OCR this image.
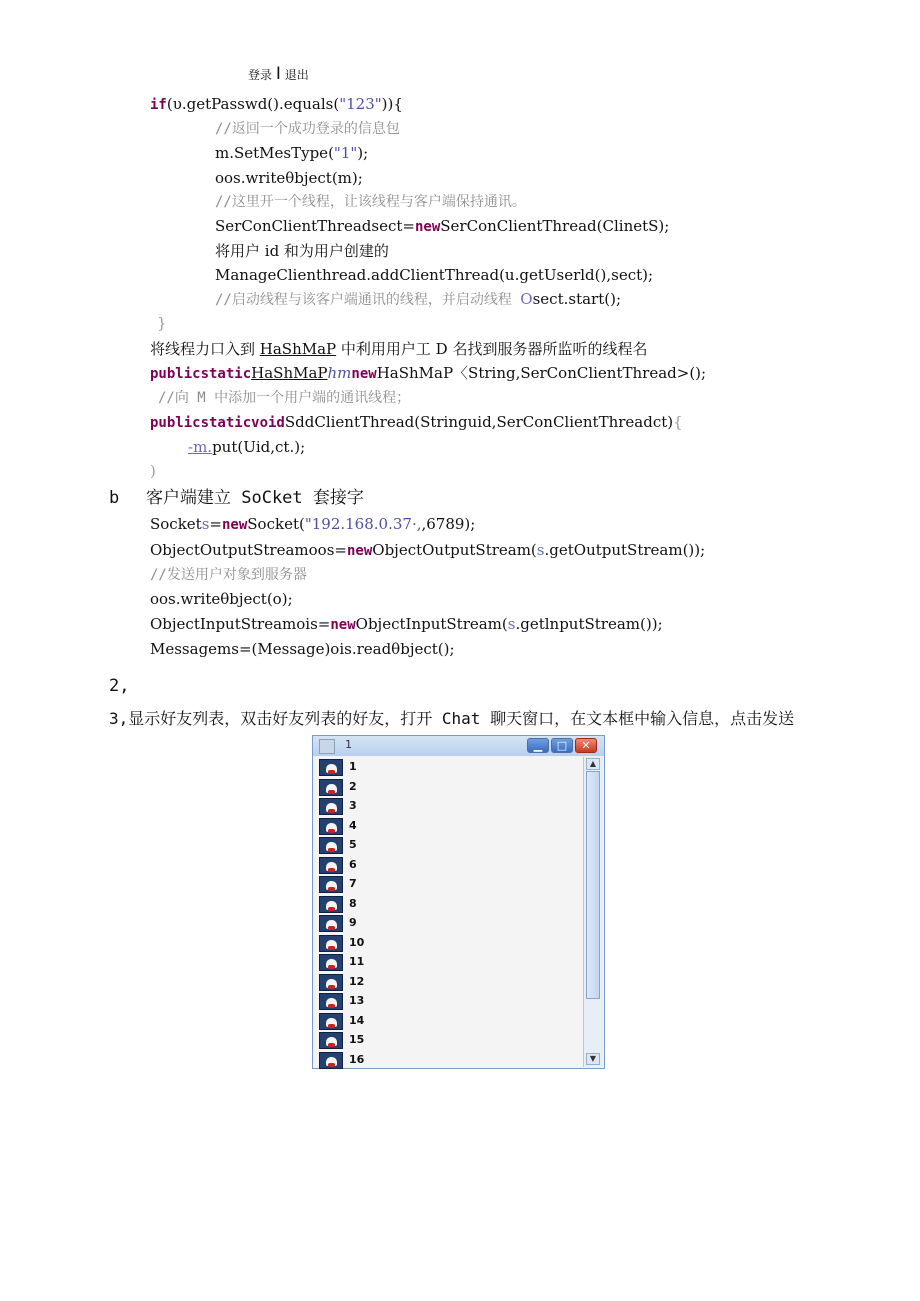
登录 I 退出
if(υ.getPasswd().equals("123")){
//返回一个成功登录的信息包
m.SetMesType("1");
oos.writeθbject(m);
//这里开一个线程，让该线程与客户端保持通讯。
SerConClientThreadsect=newSerConClientThread(ClinetS);
将用户 id 和为用户创建的
ManageClienthread.addClientThread(u.getUserld(),sect);
//启动线程与该客户端通讯的线程，并启动线程 Osect.start();
}
将线程力口入到 HaShMaP 中利用用户工 D 名找到服务器所监听的线程名
publicstaticHaShMaPhmnewHaShMaP〈String,SerConClientThread>();
//向 M 中添加一个用户端的通讯线程；
publicstaticvoidSddClientThread(Stringuid,SerConClientThreadct){
-m.put(Uid,ct.);
)
b 客户端建立 SoCket 套接字
Sockets=newSocket("192.168.0.37·,,6789);
ObjectOutputStreamoos=newObjectOutputStream(s.getOutputStream());
//发送用户对象到服务器
oos.writeθbject(o);
ObjectInputStreamois=newObjectInputStream(s.getlnputStream());
Messagems=(Message)ois.readθbject();
2,
3,显示好友列表，双击好友列表的好友，打开 Chat 聊天窗口，在文本框中输入信息，点击发送
1	▁	□	✕
1
2
3
4
5
6
7
8
9
10
11
12
13
14
15
16
▲
▼
